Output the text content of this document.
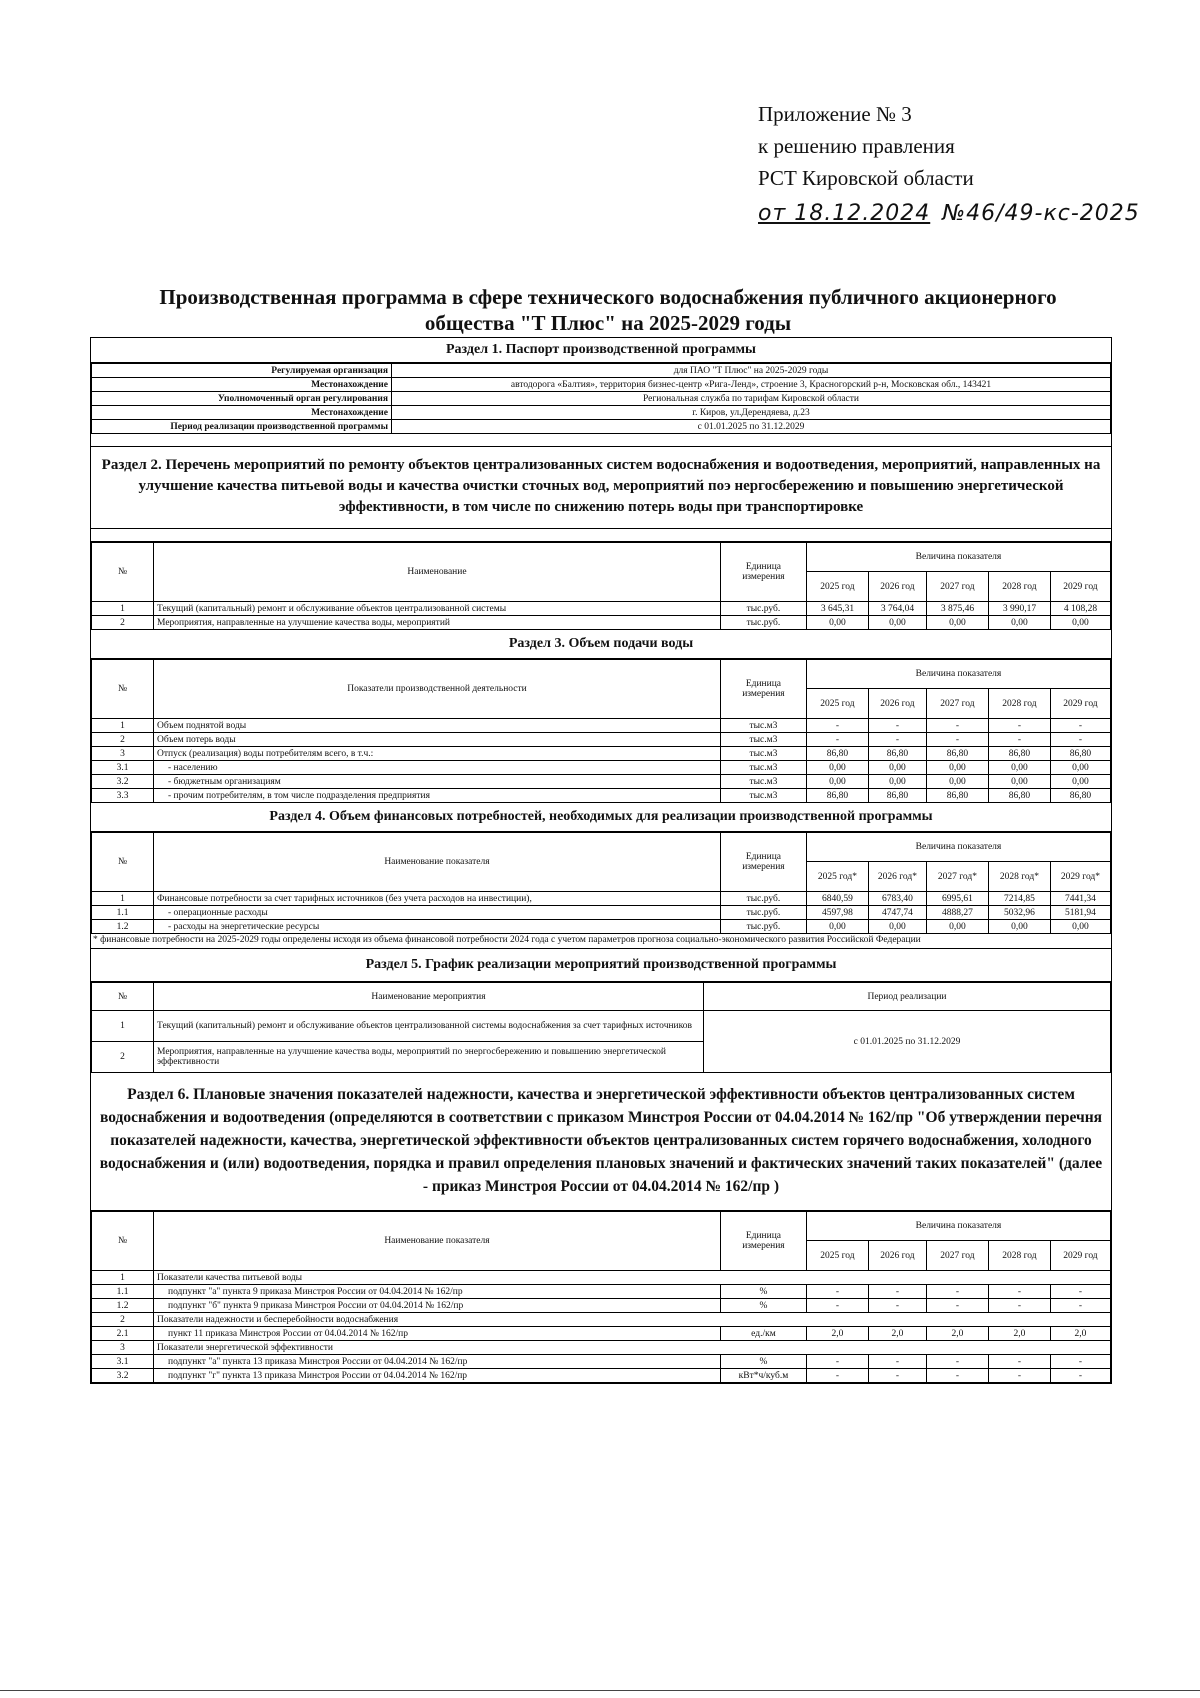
Приложение № 3
к решению правления
РСТ Кировской области
от 18.12.2024 №46/49-кс-2025
Производственная программа в сфере технического водоснабжения публичного акционерного
общества "Т Плюс" на 2025-2029 годы
Раздел 1. Паспорт производственной программы
Регулируемая организация	для ПАО "Т Плюс" на 2025-2029 годы
Местонахождение	автодорога «Балтия», территория бизнес-центр «Рига-Ленд», строение 3, Красногорский р-н, Московская обл., 143421
Уполномоченный орган регулирования	Региональная служба по тарифам Кировской области
Местонахождение	г. Киров, ул.Дерендяева, д.23
Период реализации производственной программы	с 01.01.2025 по 31.12.2029
Раздел 2. Перечень мероприятий по ремонту объектов централизованных систем водоснабжения и водоотведения, мероприятий, направленных на улучшение качества питьевой воды и качества очистки сточных вод, мероприятий поэ нергосбережению и повышению энергетической эффективности, в том числе по снижению потерь воды при транспортировке
№	Наименование	Единица измерения	Величина показателя				
			2025 год	2026 год	2027 год	2028 год	2029 год
1	Текущий (капитальный) ремонт и обслуживание объектов централизованной системы	тыс.руб.	3 645,31	3 764,04	3 875,46	3 990,17	4 108,28
2	Мероприятия, направленные на улучшение качества воды, мероприятий	тыс.руб.	0,00	0,00	0,00	0,00	0,00
Раздел 3. Объем подачи воды
№	Показатели производственной деятельности	Единица измерения	Величина показателя				
			2025 год	2026 год	2027 год	2028 год	2029 год
1	Объем поднятой воды	тыс.м3	-	-	-	-	-
2	Объем потерь воды	тыс.м3	-	-	-	-	-
3	Отпуск (реализация) воды потребителям всего, в т.ч.:	тыс.м3	86,80	86,80	86,80	86,80	86,80
3.1	- населению	тыс.м3	0,00	0,00	0,00	0,00	0,00
3.2	- бюджетным организациям	тыс.м3	0,00	0,00	0,00	0,00	0,00
3.3	- прочим потребителям, в том числе подразделения предприятия	тыс.м3	86,80	86,80	86,80	86,80	86,80
Раздел 4. Объем финансовых потребностей, необходимых для реализации производственной программы
№	Наименование показателя	Единица измерения	Величина показателя				
			2025 год*	2026 год*	2027 год*	2028 год*	2029 год*
1	Финансовые потребности за счет тарифных источников (без учета расходов на инвестиции),	тыс.руб.	6840,59	6783,40	6995,61	7214,85	7441,34
1.1	- операционные расходы	тыс.руб.	4597,98	4747,74	4888,27	5032,96	5181,94
1.2	- расходы на энергетические ресурсы	тыс.руб.	0,00	0,00	0,00	0,00	0,00
* финансовые потребности на 2025-2029 годы определены исходя из объема финансовой потребности 2024 года с учетом параметров прогноза социально-экономического развития Российской Федерации
Раздел 5. График реализации мероприятий производственной программы
№	Наименование мероприятия	Период реализации
1	Текущий (капитальный) ремонт и обслуживание объектов централизованной системы водоснабжения за счет тарифных источников	с 01.01.2025 по 31.12.2029
2	Мероприятия, направленные на улучшение качества воды, мероприятий по энергосбережению и повышению энергетической эффективности	
Раздел 6. Плановые значения показателей надежности, качества и энергетической эффективности объектов централизованных систем водоснабжения и водоотведения (определяются в соответствии с приказом Минстроя России от 04.04.2014 № 162/пр "Об утверждении перечня показателей надежности, качества, энергетической эффективности объектов централизованных систем горячего водоснабжения, холодного водоснабжения и (или) водоотведения, порядка и правил определения плановых значений и фактических значений таких показателей" (далее - приказ Минстроя России от 04.04.2014 № 162/пр )
№	Наименование показателя	Единица измерения	Величина показателя				
			2025 год	2026 год	2027 год	2028 год	2029 год
1	Показатели качества питьевой воды						
1.1	подпункт "а" пункта 9 приказа Минстроя России от 04.04.2014 № 162/пр	%	-	-	-	-	-
1.2	подпункт "б" пункта 9 приказа Минстроя России от 04.04.2014 № 162/пр	%	-	-	-	-	-
2	Показатели надежности и бесперебойности водоснабжения						
2.1	пункт 11 приказа Минстроя России от 04.04.2014 № 162/пр	ед./км	2,0	2,0	2,0	2,0	2,0
3	Показатели энергетической эффективности						
3.1	подпункт "а" пункта 13 приказа Минстроя России от 04.04.2014 № 162/пр	%	-	-	-	-	-
3.2	подпункт "г" пункта 13 приказа Минстроя России от 04.04.2014 № 162/пр	кВт*ч/куб.м	-	-	-	-	-
